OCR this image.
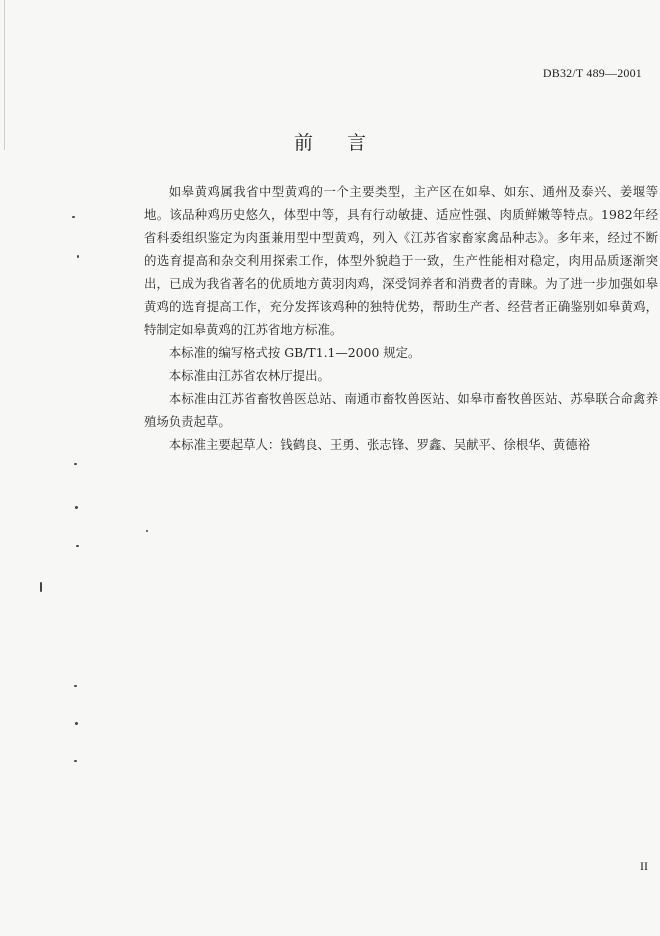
DB32/T 489—2001
前言

如皋黄鸡属我省中型黄鸡的一个主要类型，主产区在如皋、如东、通州及泰兴、姜堰等地。该品种鸡历史悠久，体型中等，具有行动敏捷、适应性强、肉质鲜嫩等特点。1982年经省科委组织鉴定为肉蛋兼用型中型黄鸡，列入《江苏省家畜家禽品种志》。多年来，经过不断的选育提高和杂交利用探索工作，体型外貌趋于一致，生产性能相对稳定，肉用品质逐渐突出，已成为我省著名的优质地方黄羽肉鸡，深受饲养者和消费者的青睐。为了进一步加强如皋黄鸡的选育提高工作，充分发挥该鸡种的独特优势，帮助生产者、经营者正确鉴别如皋黄鸡，特制定如皋黄鸡的江苏省地方标准。

本标准的编写格式按 GB/T1.1—2000 规定。

本标准由江苏省农林厅提出。

本标准由江苏省畜牧兽医总站、南通市畜牧兽医站、如皋市畜牧兽医站、苏皋联合命禽养殖场负责起草。

本标准主要起草人：钱鹤良、王勇、张志锋、罗鑫、吴献平、徐根华、黄德裕

II
